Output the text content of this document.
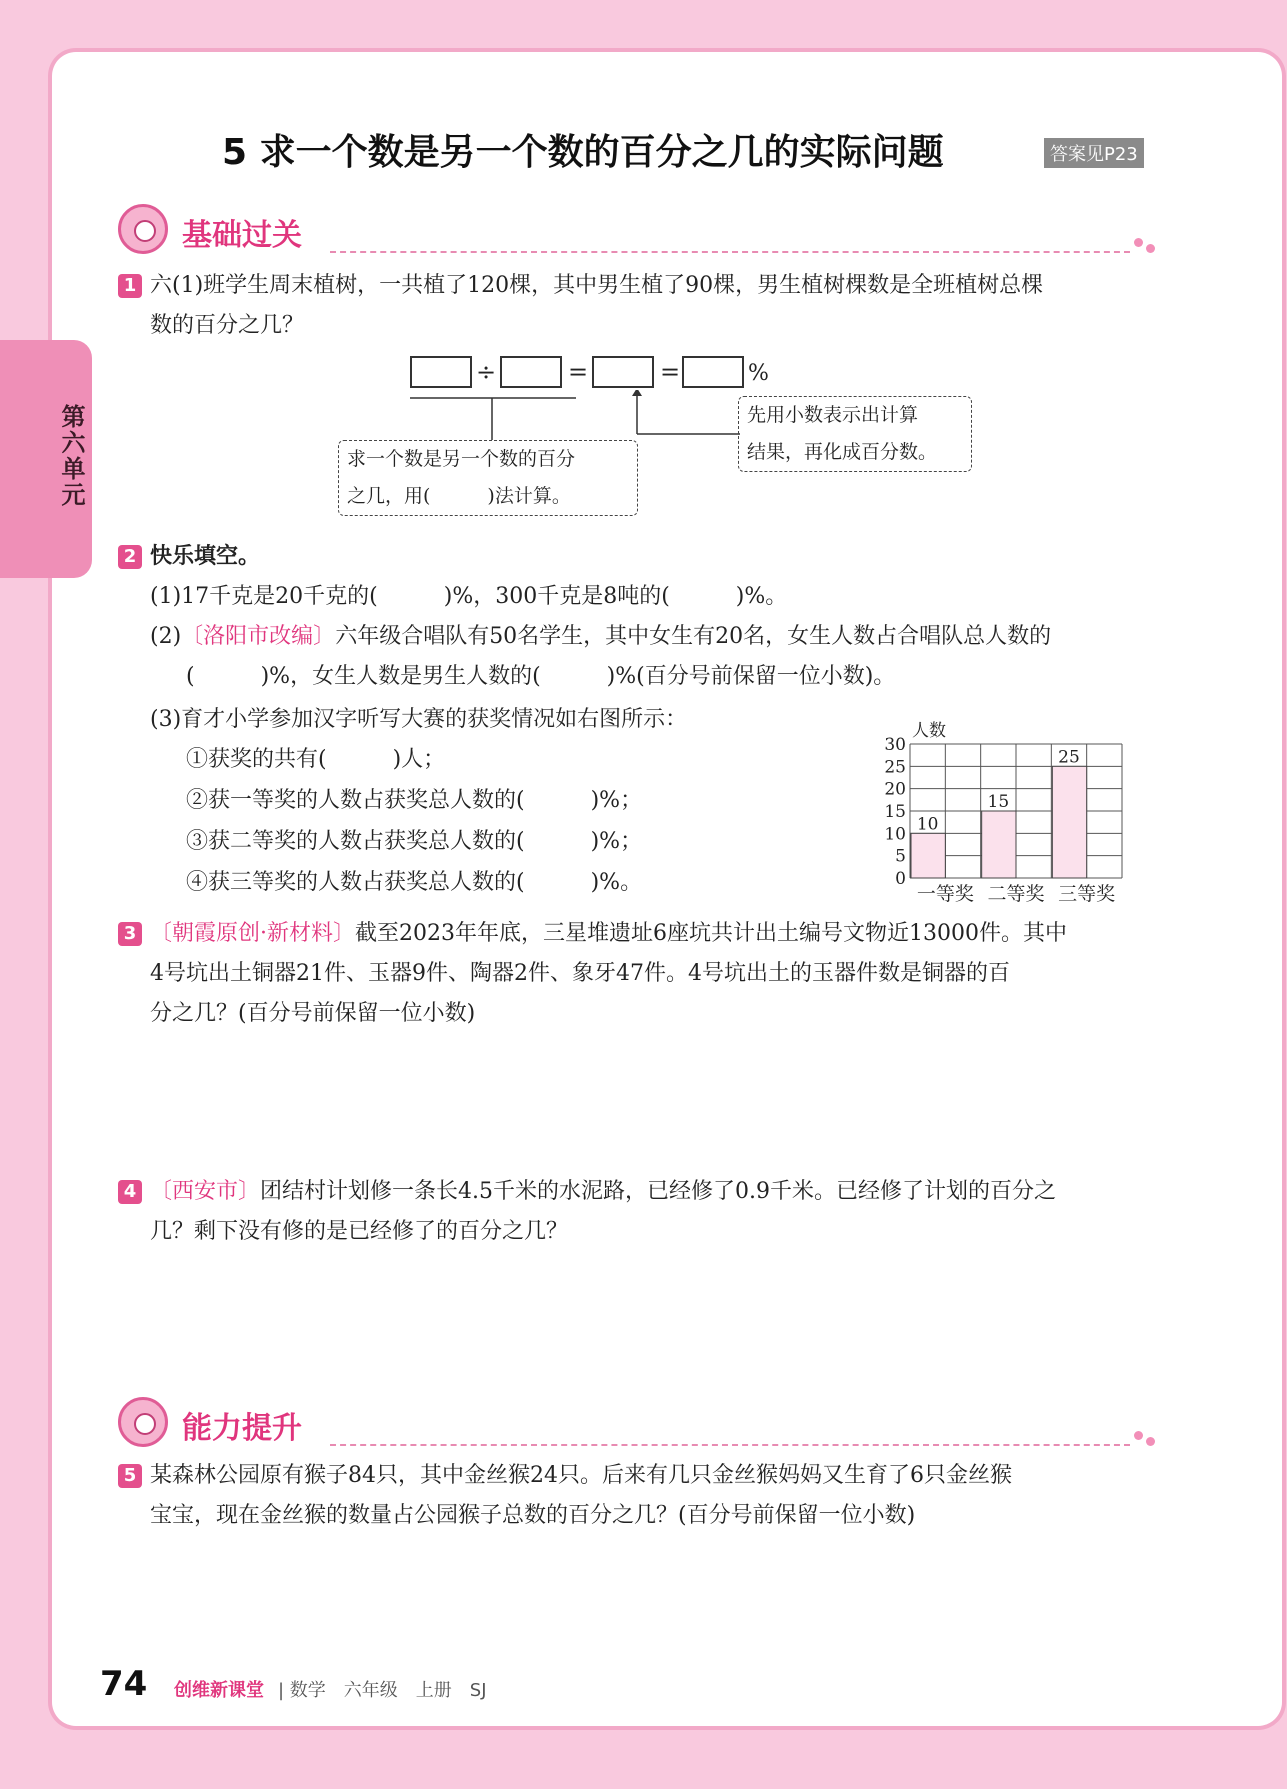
第六单元
5 求一个数是另一个数的百分之几的实际问题	答案见P23
基础过关
1 六(1)班学生周末植树，一共植了120棵，其中男生植了90棵，男生植树棵数是全班植树总棵
数的百分之几？
÷	=	=	%
求一个数是另一个数的百分
之几，用(　　　)法计算。
先用小数表示出计算
结果，再化成百分数。
2 快乐填空。
(1)17千克是20千克的(　　　)%，300千克是8吨的(　　　)%。
(2)〔洛阳市改编〕六年级合唱队有50名学生，其中女生有20名，女生人数占合唱队总人数的
(　　　)%，女生人数是男生人数的(　　　)%(百分号前保留一位小数)。
(3)育才小学参加汉字听写大赛的获奖情况如右图所示：
①获奖的共有(　　　)人；
②获一等奖的人数占获奖总人数的(　　　)%；
③获二等奖的人数占获奖总人数的(　　　)%；
④获三等奖的人数占获奖总人数的(　　　)%。	0
5
10
15
20
25
30
人数
10
一等奖
15
二等奖
25
三等奖
3 〔朝霞原创·新材料〕截至2023年年底，三星堆遗址6座坑共计出土编号文物近13000件。其中
4号坑出土铜器21件、玉器9件、陶器2件、象牙47件。4号坑出土的玉器件数是铜器的百
分之几？(百分号前保留一位小数)
4 〔西安市〕团结村计划修一条长4.5千米的水泥路，已经修了0.9千米。已经修了计划的百分之
几？剩下没有修的是已经修了的百分之几？
能力提升
5 某森林公园原有猴子84只，其中金丝猴24只。后来有几只金丝猴妈妈又生育了6只金丝猴
宝宝，现在金丝猴的数量占公园猴子总数的百分之几？(百分号前保留一位小数)
74 创维新课堂 | 数学　六年级　上册　SJ
